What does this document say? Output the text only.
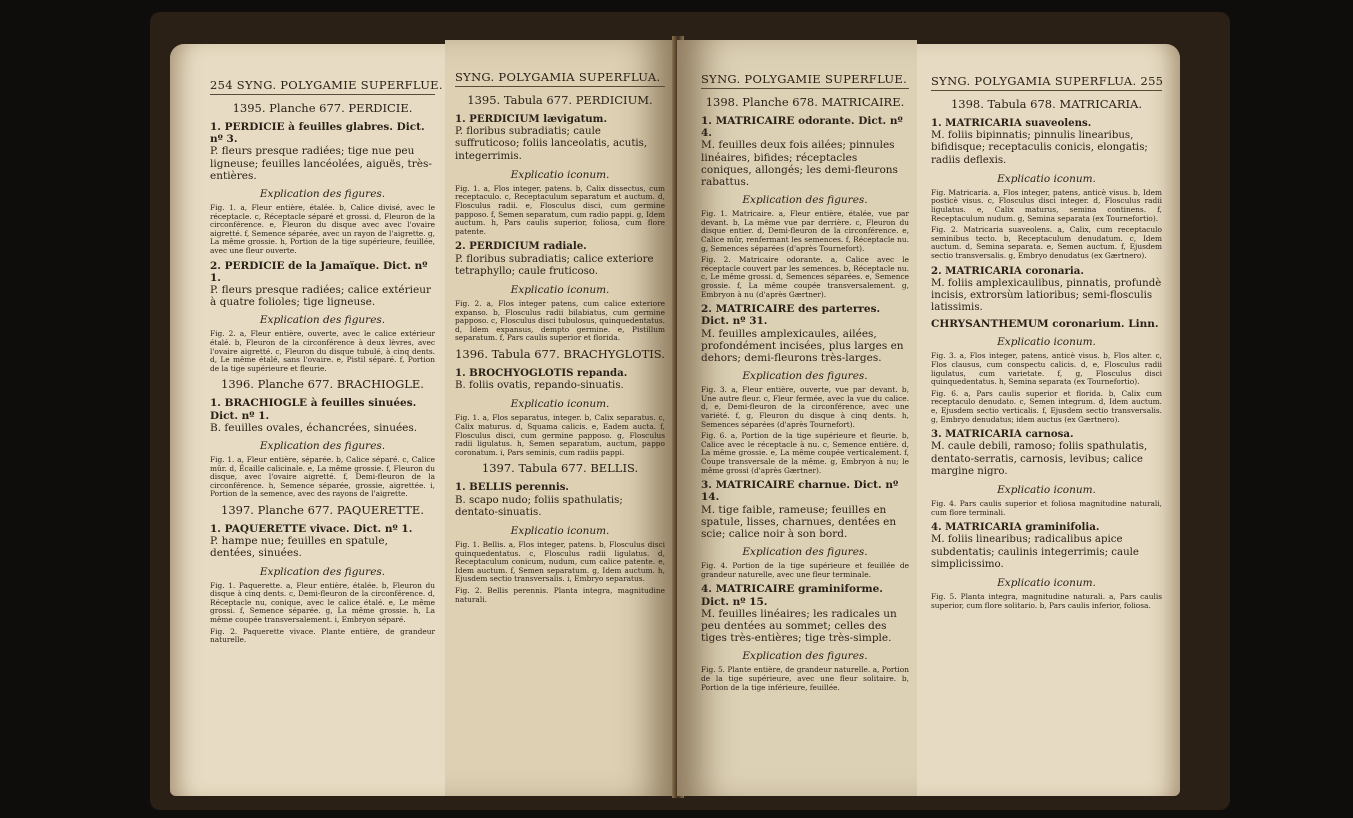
254 SYNG. POLYGAMIE SUPERFLUE.
1395. Planche 677. PERDICIE.
1. PERDICIE à feuilles glabres. Dict. nº 3.
P. fleurs presque radiées; tige nue peu ligneuse; feuilles lancéolées, aiguës, très-entières.
Explication des figures.
Fig. 1. a, Fleur entière, étalée. b, Calice divisé, avec le réceptacle. c, Réceptacle séparé et grossi. d, Fleuron de la circonférence. e, Fleuron du disque avec avec l'ovaire aigretté. f, Semence séparée, avec un rayon de l'aigrette. g, La même grossie. h, Portion de la tige supérieure, feuillée, avec une fleur ouverte.
2. PERDICIE de la Jamaïque. Dict. nº 1.
P. fleurs presque radiées; calice extérieur à quatre folioles; tige ligneuse.
Explication des figures.
Fig. 2. a, Fleur entière, ouverte, avec le calice extérieur étalé. b, Fleuron de la circonférence à deux lèvres, avec l'ovaire aigretté. c, Fleuron du disque tubulé, à cinq dents. d, Le même étalé, sans l'ovaire. e, Pistil séparé. f, Portion de la tige supérieure et fleurie.
1396. Planche 677. BRACHIOGLE.
1. BRACHIOGLE à feuilles sinuées. Dict. nº 1.
B. feuilles ovales, échancrées, sinuées.
Explication des figures.
Fig. 1. a, Fleur entière, séparée. b, Calice séparé. c, Calice mûr. d, Écaille calicinale. e, La même grossie. f, Fleuron du disque, avec l'ovaire aigretté. f, Demi-fleuron de la circonférence. h, Semence séparée, grossie, aigrettée. i, Portion de la semence, avec des rayons de l'aigrette.
1397. Planche 677. PAQUERETTE.
1. PAQUERETTE vivace. Dict. nº 1.
P. hampe nue; feuilles en spatule, dentées, sinuées.
Explication des figures.
Fig. 1. Paquerette. a, Fleur entière, étalée. b, Fleuron du disque à cinq dents. c, Demi-fleuron de la circonférence. d, Réceptacle nu, conique, avec le calice étalé. e, Le même grossi. f, Semence séparée. g, La même grossie. h, La même coupée transversalement. i, Embryon séparé.
Fig. 2. Paquerette vivace. Plante entière, de grandeur naturelle.
SYNG. POLYGAMIA SUPERFLUA.
1395. Tabula 677. PERDICIUM.
1. PERDICIUM lævigatum.
P. floribus subradiatis; caule suffruticoso; foliis lanceolatis, acutis, integerrimis.
Explicatio iconum.
Fig. 1. a, Flos integer, patens. b, Calix dissectus, cum receptaculo. c, Receptaculum separatum et auctum. d, Flosculus radii. e, Flosculus disci, cum germine papposo. f, Semen separatum, cum radio pappi. g, Idem auctum. h, Pars caulis superior, foliosa, cum flore patente.
2. PERDICIUM radiale.
P. floribus subradiatis; calice exteriore tetraphyllo; caule fruticoso.
Explicatio iconum.
Fig. 2. a, Flos integer patens, cum calice exteriore expanso. b, Flosculus radii bilabiatus, cum germine papposo. c, Flosculus disci tubulosus, quinquedentatus. d, Idem expansus, dempto germine. e, Pistillum separatum. f, Pars caulis superior et florida.
1396. Tabula 677. BRACHYGLOTIS.
1. BROCHYOGLOTIS repanda.
B. foliis ovatis, repando-sinuatis.
Explicatio iconum.
Fig. 1. a, Flos separatus, integer. b, Calix separatus. c, Calix maturus. d, Squama calicis. e, Eadem aucta. f, Flosculus disci, cum germine papposo. g, Flosculus radii ligulatus. h, Semen separatum, auctum, pappo coronatum. i, Pars seminis, cum radiis pappi.
1397. Tabula 677. BELLIS.
1. BELLIS perennis.
B. scapo nudo; foliis spathulatis; dentato-sinuatis.
Explicatio iconum.
Fig. 1. Bellis. a, Flos integer, patens. b, Flosculus disci quinquedentatus. c, Flosculus radii ligulatus. d, Receptaculum conicum, nudum, cum calice patente. e, Idem auctum. f, Semen separatum. g, Idem auctum. h, Ejusdem sectio transversalis. i, Embryo separatus.
Fig. 2. Bellis perennis. Planta integra, magnitudine naturali.
SYNG. POLYGAMIE SUPERFLUE.
1398. Planche 678. MATRICAIRE.
1. MATRICAIRE odorante. Dict. nº 4.
M. feuilles deux fois ailées; pinnules linéaires, bifides; réceptacles coniques, allongés; les demi-fleurons rabattus.
Explication des figures.
Fig. 1. Matricaire. a, Fleur entière, étalée, vue par devant. b, La même vue par derrière. c, Fleuron du disque entier. d, Demi-fleuron de la circonférence. e, Calice mûr, renfermant les semences. f, Réceptacle nu. g, Semences séparées (d'après Tournefort).
Fig. 2. Matricaire odorante. a, Calice avec le réceptacle couvert par les semences. b, Réceptacle nu. c, Le même grossi. d, Semences séparées. e, Semence grossie. f, La même coupée transversalement. g, Embryon à nu (d'après Gærtner).
2. MATRICAIRE des parterres. Dict. nº 31.
M. feuilles amplexicaules, ailées, profondément incisées, plus larges en dehors; demi-fleurons très-larges.
Explication des figures.
Fig. 3. a, Fleur entière, ouverte, vue par devant. b, Une autre fleur. c, Fleur fermée, avec la vue du calice. d, e, Demi-fleuron de la circonférence, avec une variété. f, g, Fleuron du disque à cinq dents. h, Semences séparées (d'après Tournefort).
Fig. 6. a, Portion de la tige supérieure et fleurie. b, Calice avec le réceptacle à nu. c, Semence entière. d, La même grossie. e, La même coupée verticalement. f, Coupe transversale de la même. g, Embryon à nu; le même grossi (d'après Gærtner).
3. MATRICAIRE charnue. Dict. nº 14.
M. tige faible, rameuse; feuilles en spatule, lisses, charnues, dentées en scie; calice noir à son bord.
Explication des figures.
Fig. 4. Portion de la tige supérieure et feuillée de grandeur naturelle, avec une fleur terminale.
4. MATRICAIRE graminiforme. Dict. nº 15.
M. feuilles linéaires; les radicales un peu dentées au sommet; celles des tiges très-entières; tige très-simple.
Explication des figures.
Fig. 5. Plante entière, de grandeur naturelle. a, Portion de la tige supérieure, avec une fleur solitaire. b, Portion de la tige inférieure, feuillée.
SYNG. POLYGAMIA SUPERFLUA. 255
1398. Tabula 678. MATRICARIA.
1. MATRICARIA suaveolens.
M. foliis bipinnatis; pinnulis linearibus, bifidisque; receptaculis conicis, elongatis; radiis deflexis.
Explicatio iconum.
Fig. Matricaria. a, Flos integer, patens, anticè visus. b, Idem posticè visus. c, Flosculus disci integer. d, Flosculus radii ligulatus. e, Calix maturus, semina continens. f, Receptaculum nudum. g, Semina separata (ex Tournefortio).
Fig. 2. Matricaria suaveolens. a, Calix, cum receptaculo seminibus tecto. b, Receptaculum denudatum. c, Idem auctum. d, Semina separata. e, Semen auctum. f, Ejusdem sectio transversalis. g, Embryo denudatus (ex Gærtnero).
2. MATRICARIA coronaria.
M. foliis amplexicaulibus, pinnatis, profundè incisis, extrorsùm latioribus; semi-flosculis latissimis.
CHRYSANTHEMUM coronarium. Linn.
Explicatio iconum.
Fig. 3. a, Flos integer, patens, anticè visus. b, Flos alter. c, Flos clausus, cum conspectu calicis. d, e, Flosculus radii ligulatus, cum varietate. f, g, Flosculus disci quinquedentatus. h, Semina separata (ex Tournefortio).
Fig. 6. a, Pars caulis superior et florida. b, Calix cum receptaculo denudato. c, Semen integrum. d, Idem auctum. e, Ejusdem sectio verticalis. f, Ejusdem sectio transversalis. g, Embryo denudatus; idem auctus (ex Gærtnero).
3. MATRICARIA carnosa.
M. caule debili, ramoso; foliis spathulatis, dentato-serratis, carnosis, levibus; calice margine nigro.
Explicatio iconum.
Fig. 4. Pars caulis superior et foliosa magnitudine naturali, cum flore terminali.
4. MATRICARIA graminifolia.
M. foliis linearibus; radicalibus apice subdentatis; caulinis integerrimis; caule simplicissimo.
Explicatio iconum.
Fig. 5. Planta integra, magnitudine naturali. a, Pars caulis superior, cum flore solitario. b, Pars caulis inferior, foliosa.
